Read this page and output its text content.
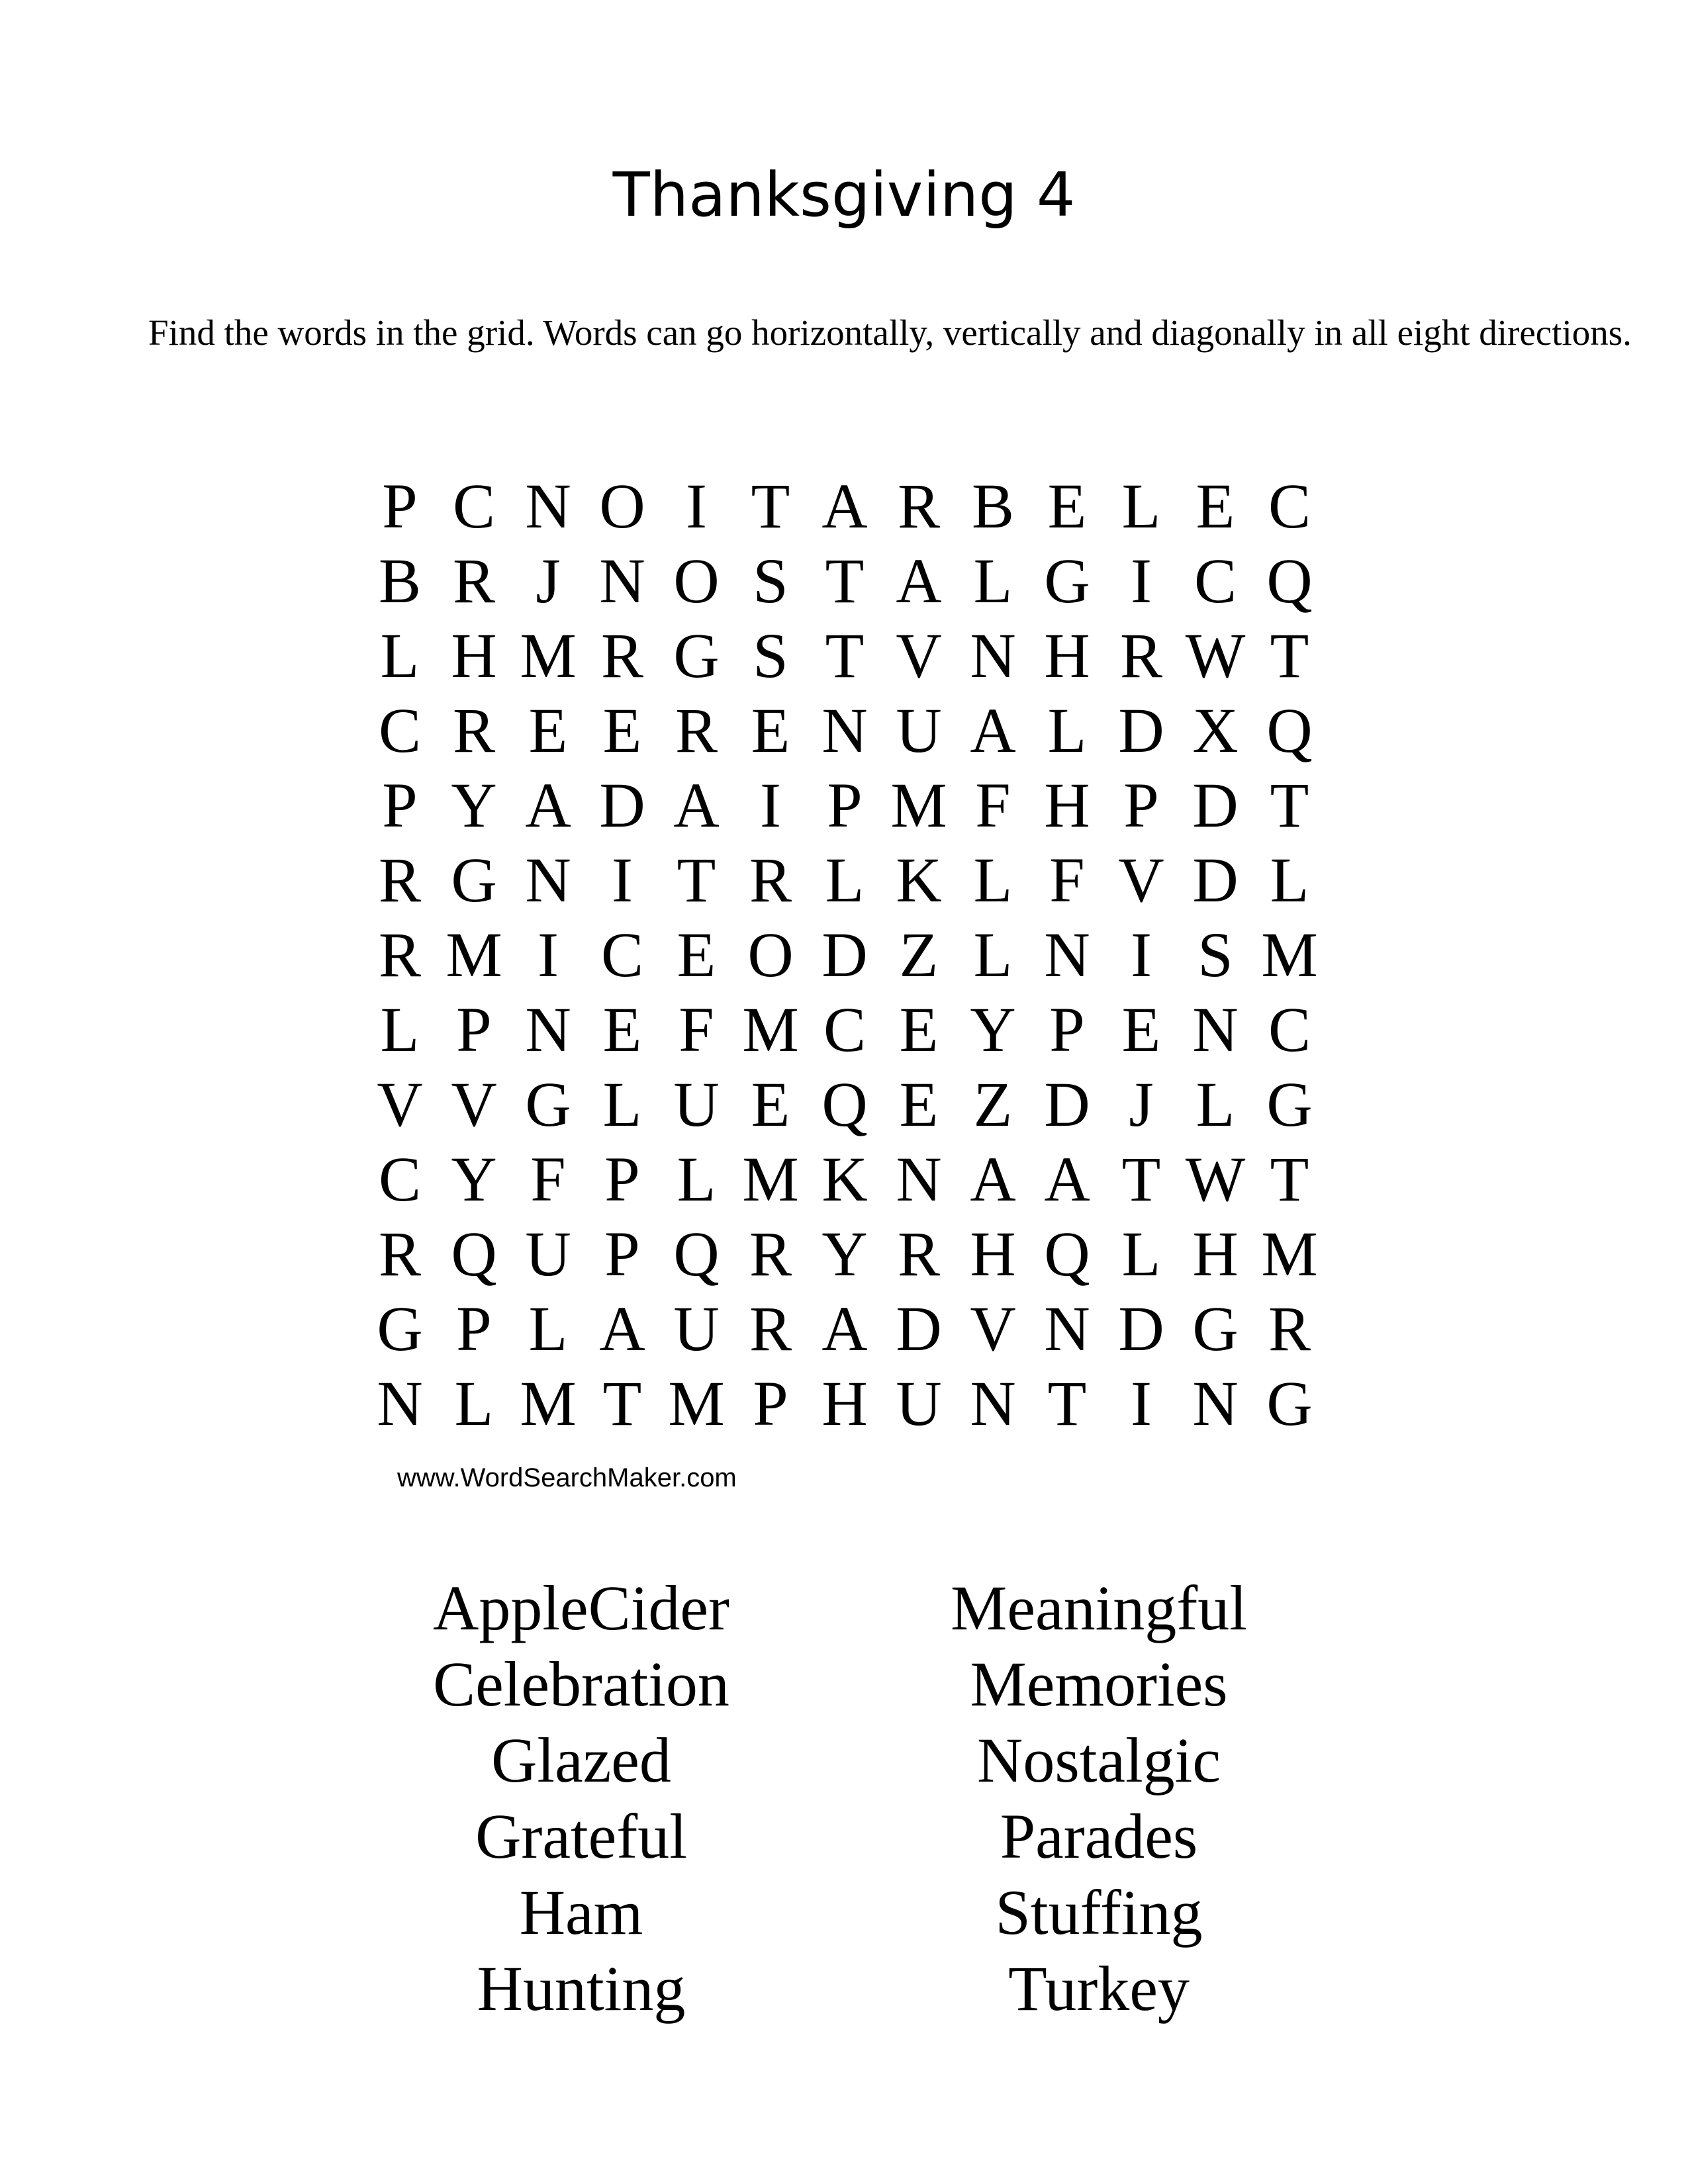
Thanksgiving 4

Find the words in the grid. Words can go horizontally, vertically and diagonally in all eight directions.

P C N O I T A R B E L E C
B R J N O S T A L G I C Q
L H M R G S T V N H R W T
C R E E R E N U A L D X Q
P Y A D A I P M F H P D T
R G N I T R L K L F V D L
R M I C E O D Z L N I S M
L P N E F M C E Y P E N C
V V G L U E Q E Z D J L G
C Y F P L M K N A A T W T
R Q U P Q R Y R H Q L H M
G P L A U R A D V N D G R
N L M T M P H U N T I N G
www.WordSearchMaker.com
AppleCider
Celebration
Glazed
Grateful
Ham
Hunting
Meaningful
Memories
Nostalgic
Parades
Stuffing
Turkey
